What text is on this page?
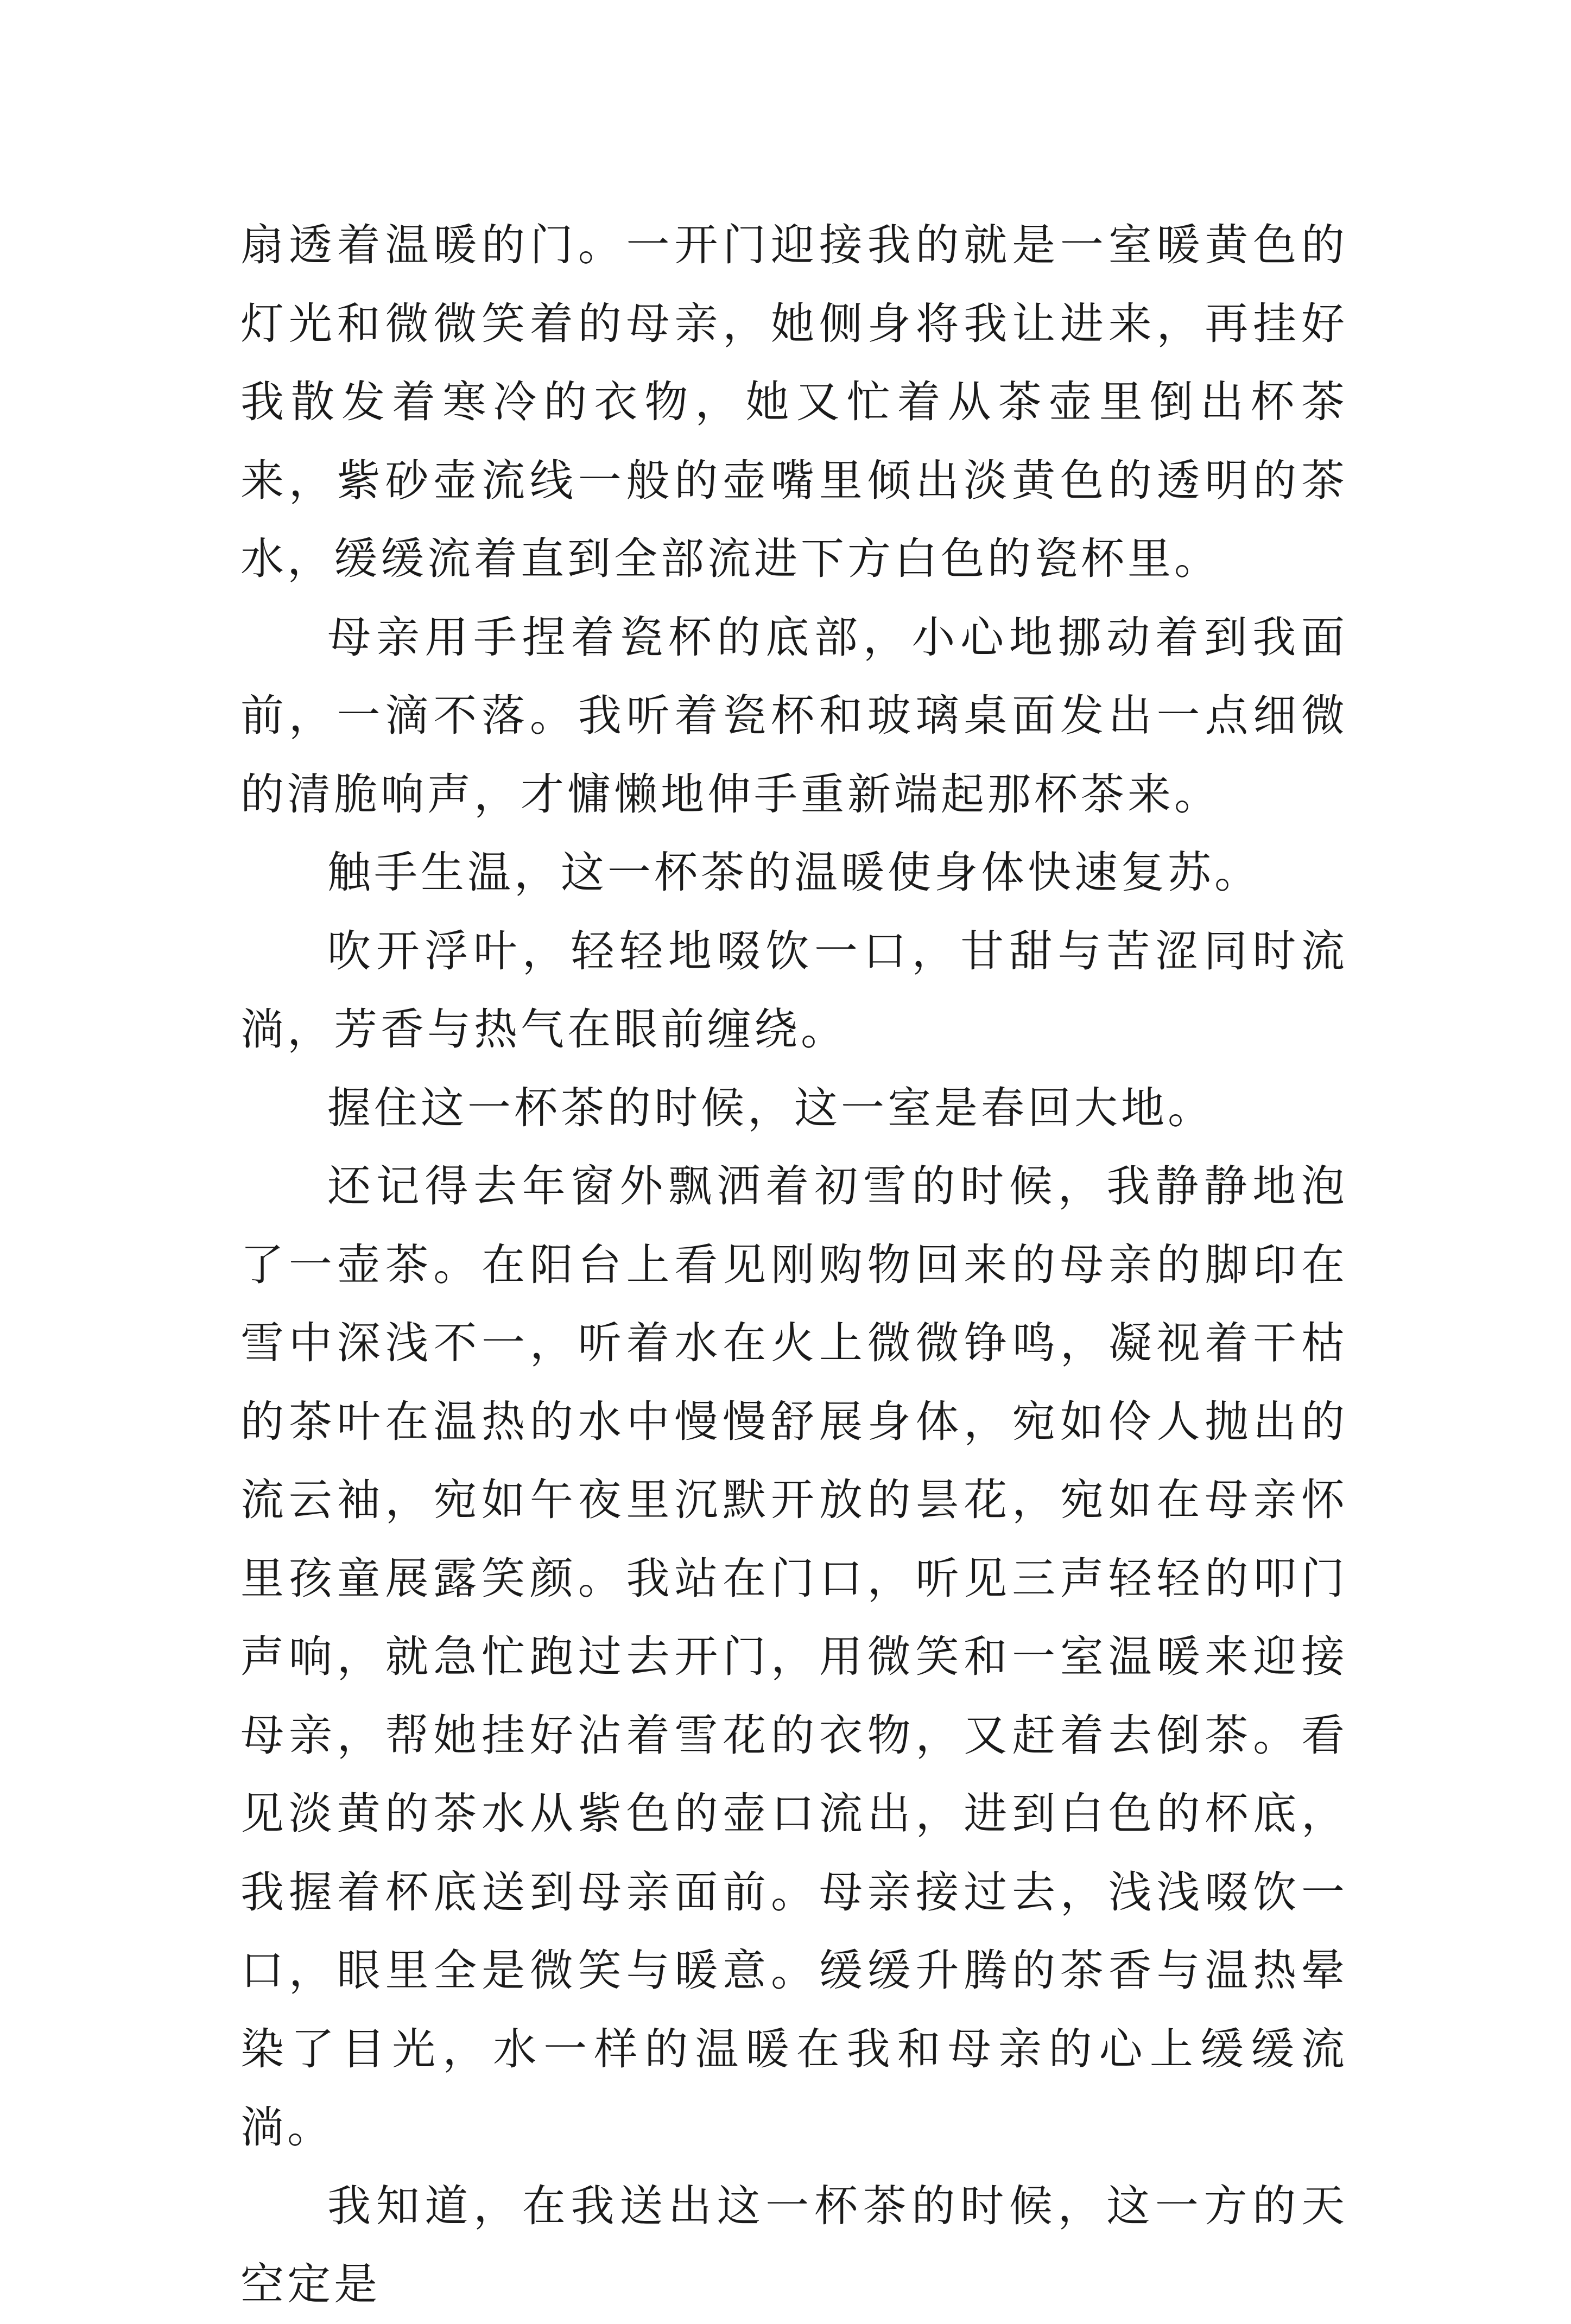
扇透着温暖的门。一开门迎接我的就是一室暖黄色的灯光和微微笑着的母亲，她侧身将我让进来，再挂好我散发着寒冷的衣物，她又忙着从茶壶里倒出杯茶来，紫砂壶流线一般的壶嘴里倾出淡黄色的透明的茶水，缓缓流着直到全部流进下方白色的瓷杯里。

母亲用手捏着瓷杯的底部，小心地挪动着到我面前，一滴不落。我听着瓷杯和玻璃桌面发出一点细微的清脆响声，才慵懒地伸手重新端起那杯茶来。

触手生温，这一杯茶的温暖使身体快速复苏。

吹开浮叶，轻轻地啜饮一口，甘甜与苦涩同时流淌，芳香与热气在眼前缠绕。

握住这一杯茶的时候，这一室是春回大地。

还记得去年窗外飘洒着初雪的时候，我静静地泡了一壶茶。在阳台上看见刚购物回来的母亲的脚印在雪中深浅不一，听着水在火上微微铮鸣，凝视着干枯的茶叶在温热的水中慢慢舒展身体，宛如伶人抛出的流云袖，宛如午夜里沉默开放的昙花，宛如在母亲怀里孩童展露笑颜。我站在门口，听见三声轻轻的叩门声响，就急忙跑过去开门，用微笑和一室温暖来迎接母亲，帮她挂好沾着雪花的衣物，又赶着去倒茶。看见淡黄的茶水从紫色的壶口流出，进到白色的杯底，我握着杯底送到母亲面前。母亲接过去，浅浅啜饮一口，眼里全是微笑与暖意。缓缓升腾的茶香与温热晕染了目光，水一样的温暖在我和母亲的心上缓缓流淌。

我知道，在我送出这一杯茶的时候，这一方的天空定是
